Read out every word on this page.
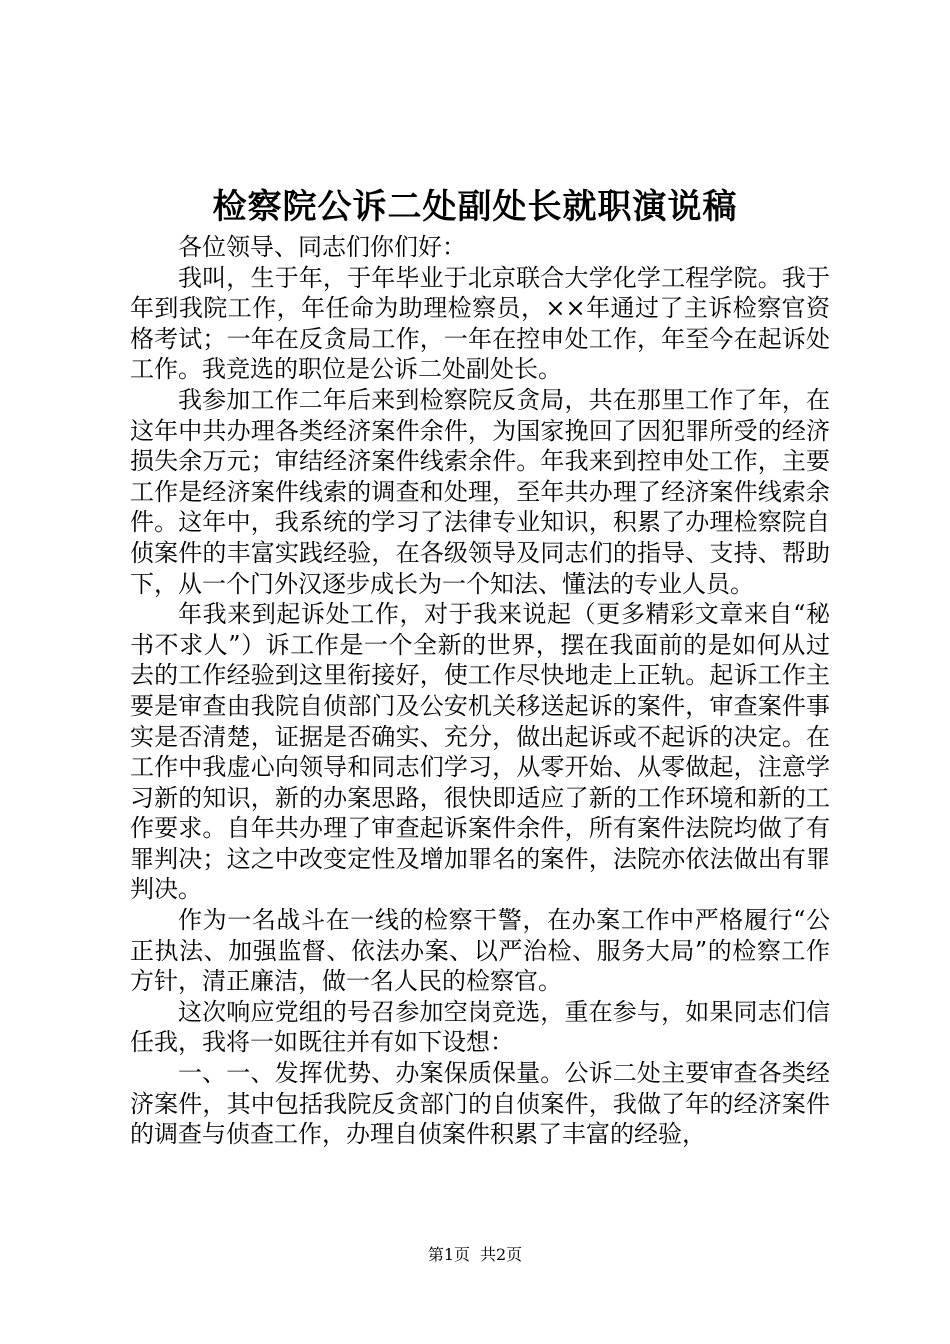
检察院公诉二处副处长就职演说稿

各位领导、同志们你们好：

我叫，生于年，于年毕业于北京联合大学化学工程学院。我于年到我院工作，年任命为助理检察员，××年通过了主诉检察官资格考试；一年在反贪局工作，一年在控申处工作，年至今在起诉处工作。我竞选的职位是公诉二处副处长。

我参加工作二年后来到检察院反贪局，共在那里工作了年，在这年中共办理各类经济案件余件，为国家挽回了因犯罪所受的经济损失余万元；审结经济案件线索余件。年我来到控申处工作，主要工作是经济案件线索的调查和处理，至年共办理了经济案件线索余件。这年中，我系统的学习了法律专业知识，积累了办理检察院自侦案件的丰富实践经验，在各级领导及同志们的指导、支持、帮助下，从一个门外汉逐步成长为一个知法、懂法的专业人员。

年我来到起诉处工作，对于我来说起（更多精彩文章来自“秘书不求人”）诉工作是一个全新的世界，摆在我面前的是如何从过去的工作经验到这里衔接好，使工作尽快地走上正轨。起诉工作主要是审查由我院自侦部门及公安机关移送起诉的案件，审查案件事实是否清楚，证据是否确实、充分，做出起诉或不起诉的决定。在工作中我虚心向领导和同志们学习，从零开始、从零做起，注意学习新的知识，新的办案思路，很快即适应了新的工作环境和新的工作要求。自年共办理了审查起诉案件余件，所有案件法院均做了有罪判决；这之中改变定性及增加罪名的案件，法院亦依法做出有罪判决。

作为一名战斗在一线的检察干警，在办案工作中严格履行“公正执法、加强监督、依法办案、以严治检、服务大局”的检察工作方针，清正廉洁，做一名人民的检察官。

这次响应党组的号召参加空岗竞选，重在参与，如果同志们信任我，我将一如既往并有如下设想：

一、一、发挥优势、办案保质保量。公诉二处主要审查各类经济案件，其中包括我院反贪部门的自侦案件，我做了年的经济案件的调查与侦查工作，办理自侦案件积累了丰富的经验，

第1页 共2页
